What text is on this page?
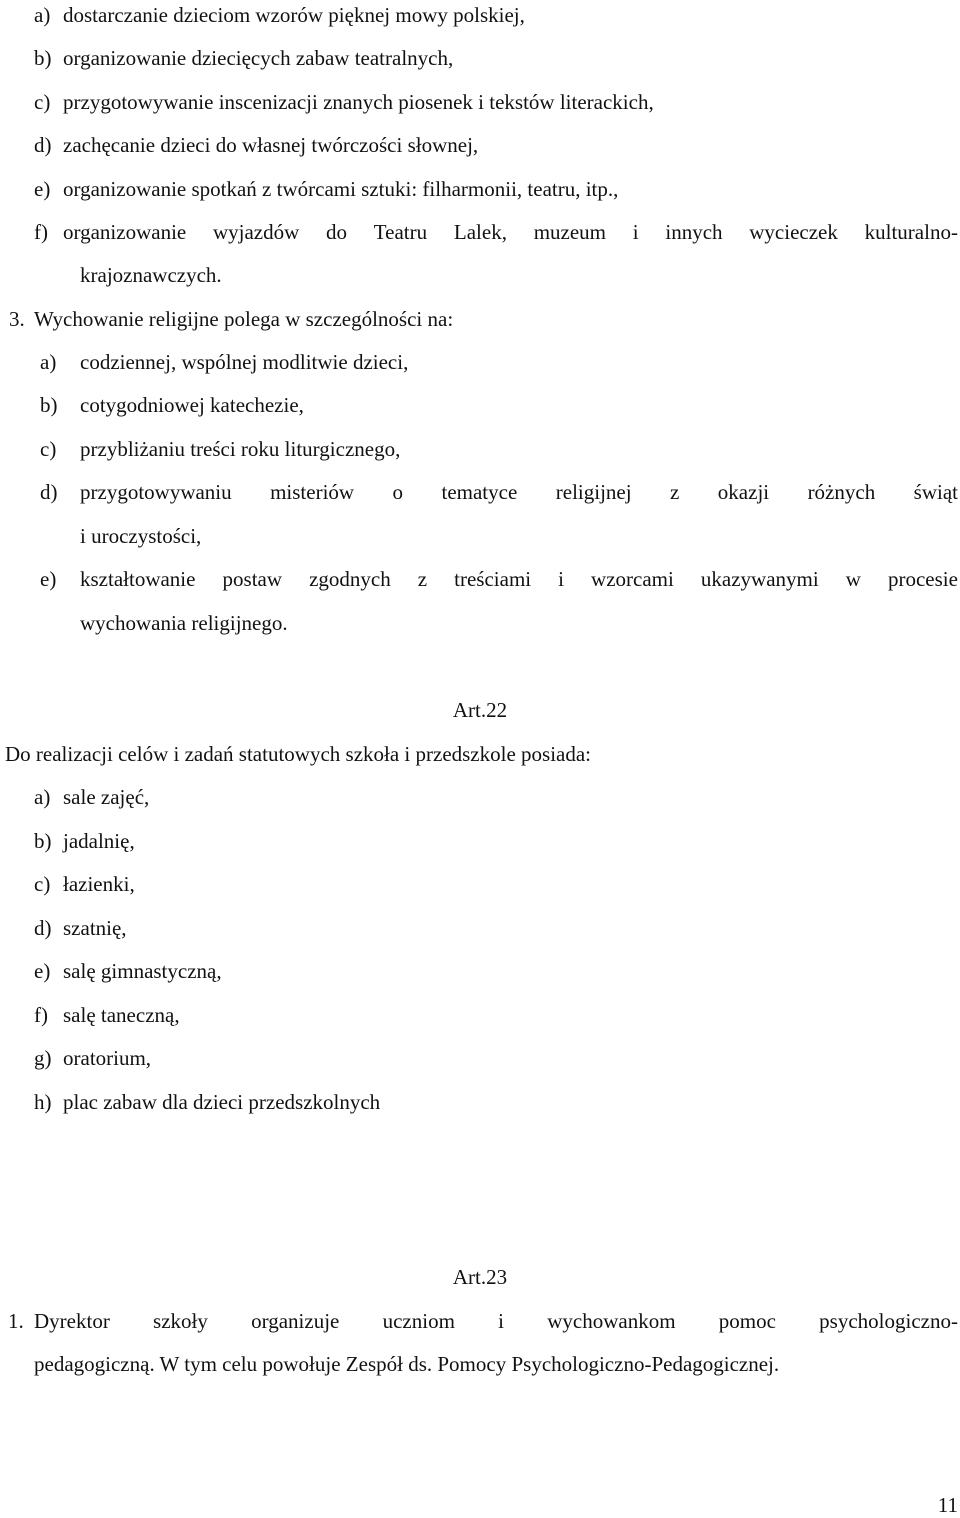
a) dostarczanie dzieciom wzorów pięknej mowy polskiej,
b) organizowanie dziecięcych zabaw teatralnych,
c) przygotowywanie inscenizacji znanych piosenek i tekstów literackich,
d) zachęcanie dzieci do własnej twórczości słownej,
e) organizowanie spotkań z twórcami sztuki: filharmonii, teatru, itp.,
f) organizowanie wyjazdów do Teatru Lalek, muzeum i innych wycieczek kulturalno-
krajoznawczych.
3. Wychowanie religijne polega w szczególności na:
a) codziennej, wspólnej modlitwie dzieci,
b) cotygodniowej katechezie,
c) przybliżaniu treści roku liturgicznego,
d) przygotowywaniu misteriów o tematyce religijnej z okazji różnych świąt
i uroczystości,
e) kształtowanie postaw zgodnych z treściami i wzorcami ukazywanymi w procesie
wychowania religijnego.
Art.22
Do realizacji celów i zadań statutowych szkoła i przedszkole posiada:
a) sale zajęć,
b) jadalnię,
c) łazienki,
d) szatnię,
e) salę gimnastyczną,
f) salę taneczną,
g) oratorium,
h) plac zabaw dla dzieci przedszkolnych
Art.23
1. Dyrektor szkoły organizuje uczniom i wychowankom pomoc psychologiczno-
pedagogiczną. W tym celu powołuje Zespół ds. Pomocy Psychologiczno-Pedagogicznej.
11
